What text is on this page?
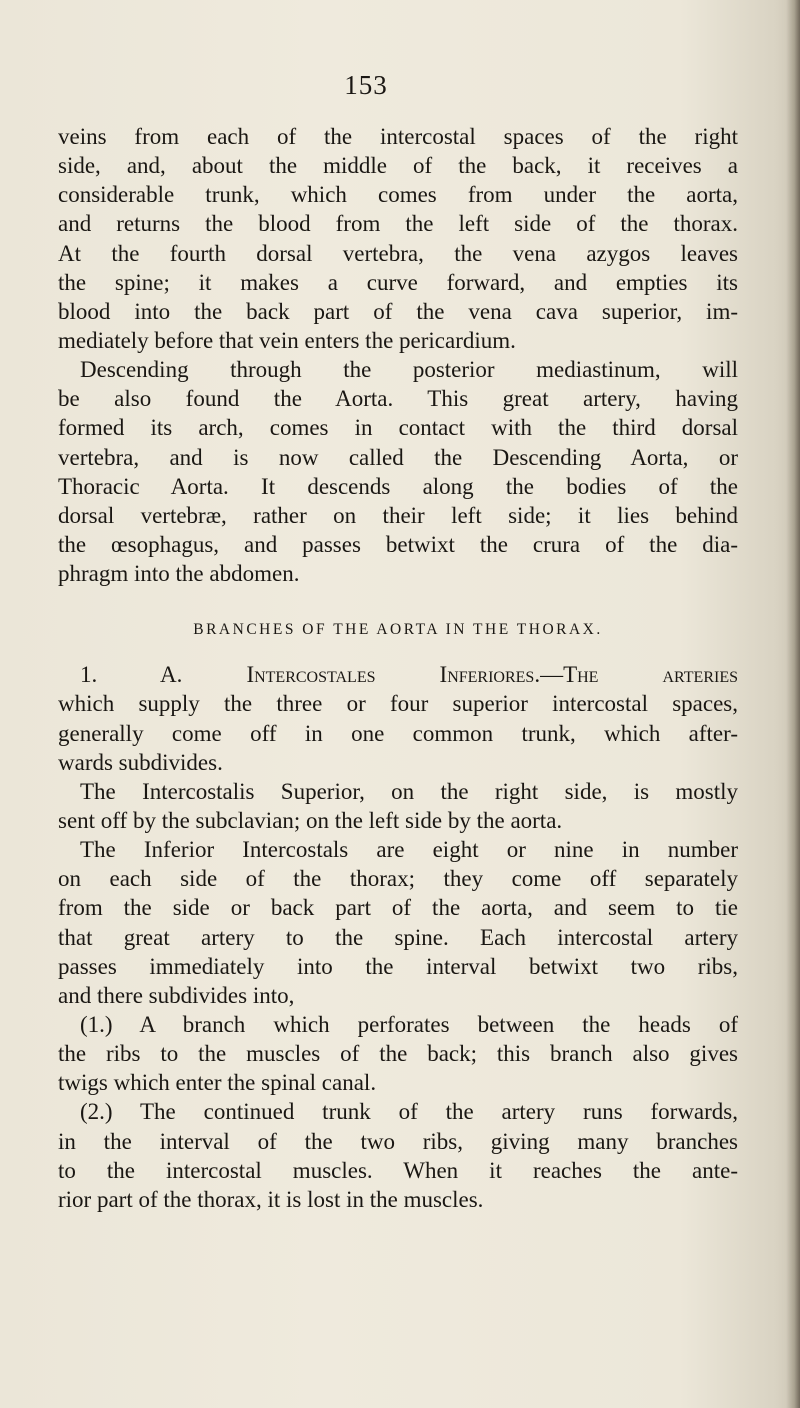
153
veins from each of the intercostal spaces of the right
side, and, about the middle of the back, it receives a
considerable trunk, which comes from under the aorta,
and returns the blood from the left side of the thorax.
At the fourth dorsal vertebra, the vena azygos leaves
the spine; it makes a curve forward, and empties its
blood into the back part of the vena cava superior, im-
mediately before that vein enters the pericardium.
Descending through the posterior mediastinum, will
be also found the Aorta. This great artery, having
formed its arch, comes in contact with the third dorsal
vertebra, and is now called the Descending Aorta, or
Thoracic Aorta. It descends along the bodies of the
dorsal vertebræ, rather on their left side; it lies behind
the œsophagus, and passes betwixt the crura of the dia-
phragm into the abdomen.
BRANCHES OF THE AORTA IN THE THORAX.
1. A. Intercostales Inferiores.—The arteries
which supply the three or four superior intercostal spaces,
generally come off in one common trunk, which after-
wards subdivides.
The Intercostalis Superior, on the right side, is mostly
sent off by the subclavian; on the left side by the aorta.
The Inferior Intercostals are eight or nine in number
on each side of the thorax; they come off separately
from the side or back part of the aorta, and seem to tie
that great artery to the spine. Each intercostal artery
passes immediately into the interval betwixt two ribs,
and there subdivides into,
(1.) A branch which perforates between the heads of
the ribs to the muscles of the back; this branch also gives
twigs which enter the spinal canal.
(2.) The continued trunk of the artery runs forwards,
in the interval of the two ribs, giving many branches
to the intercostal muscles. When it reaches the ante-
rior part of the thorax, it is lost in the muscles.
